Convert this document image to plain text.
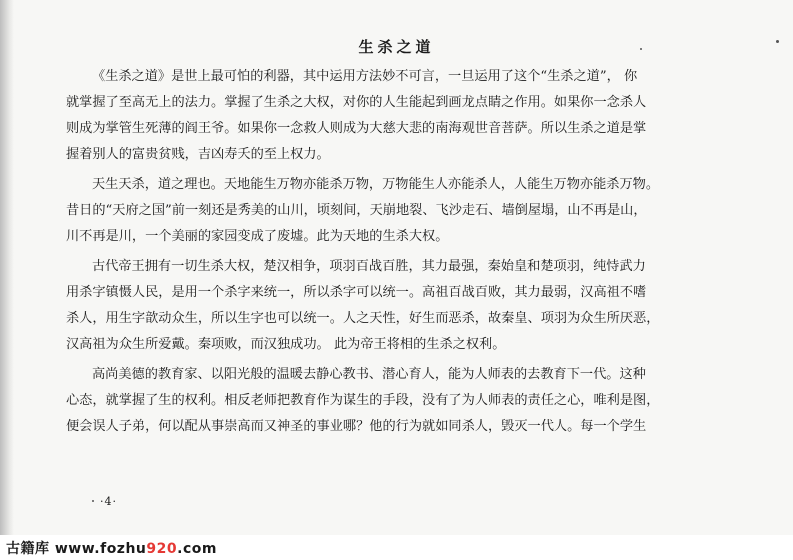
生杀之道

《生杀之道》是世上最可怕的利器，其中运用方法妙不可言，一旦运用了这个“生杀之道”， 你
就掌握了至高无上的法力。掌握了生杀之大权，对你的人生能起到画龙点睛之作用。如果你一念杀人
则成为掌管生死薄的阎王爷。如果你一念救人则成为大慈大悲的南海观世音菩萨。所以生杀之道是掌
握着别人的富贵贫贱，吉凶寿夭的至上权力。

天生天杀，道之理也。天地能生万物亦能杀万物，万物能生人亦能杀人，人能生万物亦能杀万物。
昔日的“天府之国”前一刻还是秀美的山川，顷刻间，天崩地裂、飞沙走石、墙倒屋塌，山不再是山，
川不再是川，一个美丽的家园变成了废墟。此为天地的生杀大权。

古代帝王拥有一切生杀大权，楚汉相争，项羽百战百胜，其力最强，秦始皇和楚项羽，纯恃武力
用杀字镇慑人民，是用一个杀字来统一，所以杀字可以统一。高祖百战百败，其力最弱，汉高祖不嗜
杀人，用生字歆动众生，所以生字也可以统一。人之天性，好生而恶杀，故秦皇、项羽为众生所厌恶，
汉高祖为众生所爱戴。秦项败，而汉独成功。 此为帝王将相的生杀之权利。

高尚美德的教育家、以阳光般的温暖去静心教书、潜心育人，能为人师表的去教育下一代。这种
心态，就掌握了生的权利。相反老师把教育作为谋生的手段，没有了为人师表的责任之心，唯利是图，
便会误人子弟，何以配从事崇高而又神圣的事业哪？他的行为就如同杀人，毁灭一代人。每一个学生

·4·
古籍库 www.fozhu920.com
